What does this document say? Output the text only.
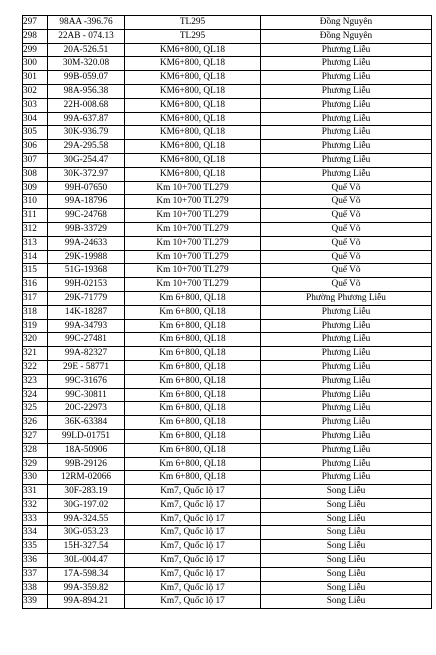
297	98AA -396.76	TL295	Đồng Nguyên
298	22AB - 074.13	TL295	Đồng Nguyên
299	20A-526.51	KM6+800, QL18	Phương Liễu
300	30M-320.08	KM6+800, QL18	Phương Liễu
301	99B-059.07	KM6+800, QL18	Phương Liễu
302	98A-956.38	KM6+800, QL18	Phương Liễu
303	22H-008.68	KM6+800, QL18	Phương Liễu
304	99A-637.87	KM6+800, QL18	Phương Liễu
305	30K-936.79	KM6+800, QL18	Phương Liễu
306	29A-295.58	KM6+800, QL18	Phương Liễu
307	30G-254.47	KM6+800, QL18	Phương Liễu
308	30K-372.97	KM6+800, QL18	Phương Liễu
309	99H-07650	Km 10+700 TL279	Quế Võ
310	99A-18796	Km 10+700 TL279	Quế Võ
311	99C-24768	Km 10+700 TL279	Quế Võ
312	99B-33729	Km 10+700 TL279	Quế Võ
313	99A-24633	Km 10+700 TL279	Quế Võ
314	29K-19988	Km 10+700 TL279	Quế Võ
315	51G-19368	Km 10+700 TL279	Quế Võ
316	99H-02153	Km 10+700 TL279	Quế Võ
317	29K-71779	Km 6+800, QL18	Phường Phương Liễu
318	14K-18287	Km 6+800, QL18	Phương Liễu
319	99A-34793	Km 6+800, QL18	Phương Liễu
320	99C-27481	Km 6+800, QL18	Phương Liễu
321	99A-82327	Km 6+800, QL18	Phương Liễu
322	29E - 58771	Km 6+800, QL18	Phương Liễu
323	99C-31676	Km 6+800, QL18	Phương Liễu
324	99C-30811	Km 6+800, QL18	Phương Liễu
325	20C-22973	Km 6+800, QL18	Phương Liễu
326	36K-63384	Km 6+800, QL18	Phương Liễu
327	99LD-01751	Km 6+800, QL18	Phương Liễu
328	18A-50906	Km 6+800, QL18	Phương Liễu
329	99B-29126	Km 6+800, QL18	Phương Liễu
330	12RM-02066	Km 6+800, QL18	Phương Liễu
331	30F-283.19	Km7, Quốc lộ 17	Song Liễu
332	30G-197.02	Km7, Quốc lộ 17	Song Liễu
333	99A-324.55	Km7, Quốc lộ 17	Song Liễu
334	30G-053.23	Km7, Quốc lộ 17	Song Liễu
335	15H-327.54	Km7, Quốc lộ 17	Song Liễu
336	30L-004.47	Km7, Quốc lộ 17	Song Liễu
337	17A-598.34	Km7, Quốc lộ 17	Song Liễu
338	99A-359.82	Km7, Quốc lộ 17	Song Liễu
339	99A-894.21	Km7, Quốc lộ 17	Song Liễu
